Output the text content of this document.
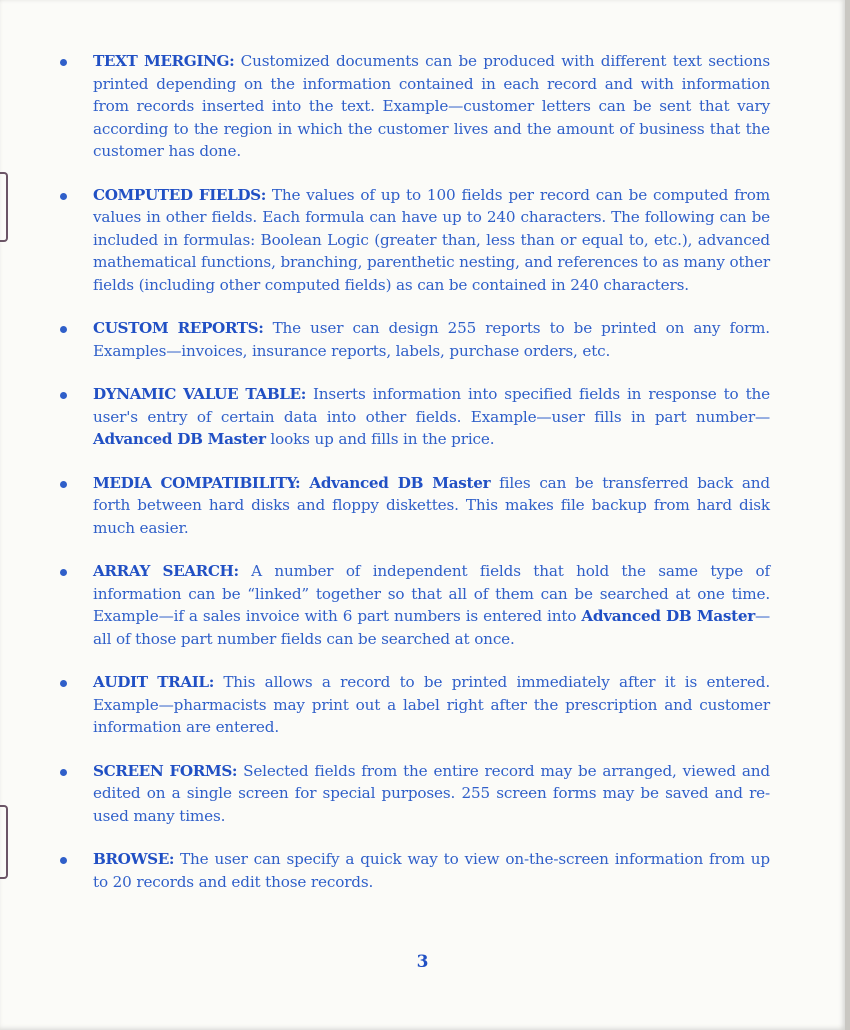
TEXT MERGING: Customized documents can be produced with different text sections printed depending on the information contained in each record and with information from records inserted into the text. Example—customer letters can be sent that vary according to the region in which the customer lives and the amount of business that the customer has done.
COMPUTED FIELDS: The values of up to 100 fields per record can be computed from values in other fields. Each formula can have up to 240 characters. The following can be included in formulas: Boolean Logic (greater than, less than or equal to, etc.), advanced mathematical functions, branching, parenthetic nesting, and references to as many other fields (including other computed fields) as can be contained in 240 characters.
CUSTOM REPORTS: The user can design 255 reports to be printed on any form. Examples—invoices, insurance reports, labels, purchase orders, etc.
DYNAMIC VALUE TABLE: Inserts information into specified fields in response to the user's entry of certain data into other fields. Example—user fills in part number—Advanced DB Master looks up and fills in the price.
MEDIA COMPATIBILITY: Advanced DB Master files can be transferred back and forth between hard disks and floppy diskettes. This makes file backup from hard disk much easier.
ARRAY SEARCH: A number of independent fields that hold the same type of information can be “linked” together so that all of them can be searched at one time. Example—if a sales invoice with 6 part numbers is entered into Advanced DB Master—all of those part number fields can be searched at once.
AUDIT TRAIL: This allows a record to be printed immediately after it is entered. Example—pharmacists may print out a label right after the prescription and customer information are entered.
SCREEN FORMS: Selected fields from the entire record may be arranged, viewed and edited on a single screen for special purposes. 255 screen forms may be saved and re-used many times.
BROWSE: The user can specify a quick way to view on-the-screen information from up to 20 records and edit those records.
3
